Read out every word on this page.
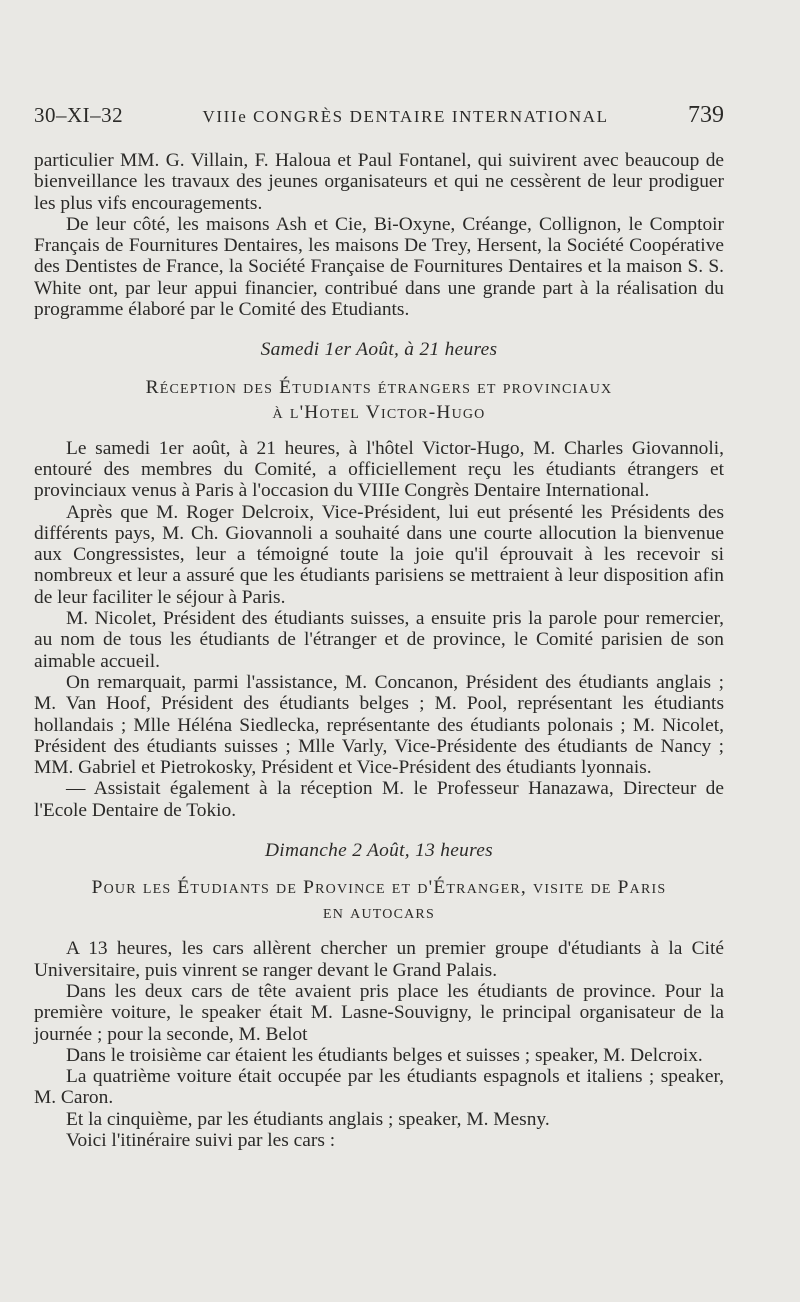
30–XI–32	VIIIe CONGRÈS DENTAIRE INTERNATIONAL	739

particulier MM. G. Villain, F. Haloua et Paul Fontanel, qui suivirent avec beaucoup de bienveillance les travaux des jeunes organisateurs et qui ne cessèrent de leur prodiguer les plus vifs encouragements.

De leur côté, les maisons Ash et Cie, Bi-Oxyne, Créange, Collignon, le Comptoir Français de Fournitures Dentaires, les maisons De Trey, Hersent, la Société Coopérative des Dentistes de France, la Société Française de Fournitures Dentaires et la maison S. S. White ont, par leur appui financier, contribué dans une grande part à la réalisation du programme élaboré par le Comité des Etudiants.

Samedi 1er Août, à 21 heures

Réception des Étudiants étrangers et provinciaux
à l'Hotel Victor-Hugo

Le samedi 1er août, à 21 heures, à l'hôtel Victor-Hugo, M. Charles Giovannoli, entouré des membres du Comité, a officiellement reçu les étudiants étrangers et provinciaux venus à Paris à l'occasion du VIIIe Congrès Dentaire International.

Après que M. Roger Delcroix, Vice-Président, lui eut présenté les Présidents des différents pays, M. Ch. Giovannoli a souhaité dans une courte allocution la bienvenue aux Congressistes, leur a témoigné toute la joie qu'il éprouvait à les recevoir si nombreux et leur a assuré que les étudiants parisiens se mettraient à leur disposition afin de leur faciliter le séjour à Paris.

M. Nicolet, Président des étudiants suisses, a ensuite pris la parole pour remercier, au nom de tous les étudiants de l'étranger et de province, le Comité parisien de son aimable accueil.

On remarquait, parmi l'assistance, M. Concanon, Président des étudiants anglais ; M. Van Hoof, Président des étudiants belges ; M. Pool, représentant les étudiants hollandais ; Mlle Héléna Siedlecka, représentante des étudiants polonais ; M. Nicolet, Président des étudiants suisses ; Mlle Varly, Vice-Présidente des étudiants de Nancy ; MM. Gabriel et Pietrokosky, Président et Vice-Président des étudiants lyonnais.

— Assistait également à la réception M. le Professeur Hanazawa, Directeur de l'Ecole Dentaire de Tokio.

Dimanche 2 Août, 13 heures

Pour les Étudiants de Province et d'Étranger, visite de Paris
en autocars

A 13 heures, les cars allèrent chercher un premier groupe d'étudiants à la Cité Universitaire, puis vinrent se ranger devant le Grand Palais.

Dans les deux cars de tête avaient pris place les étudiants de province. Pour la première voiture, le speaker était M. Lasne-Souvigny, le principal organisateur de la journée ; pour la seconde, M. Belot

Dans le troisième car étaient les étudiants belges et suisses ; speaker, M. Delcroix.

La quatrième voiture était occupée par les étudiants espagnols et italiens ; speaker, M. Caron.

Et la cinquième, par les étudiants anglais ; speaker, M. Mesny.

Voici l'itinéraire suivi par les cars :
